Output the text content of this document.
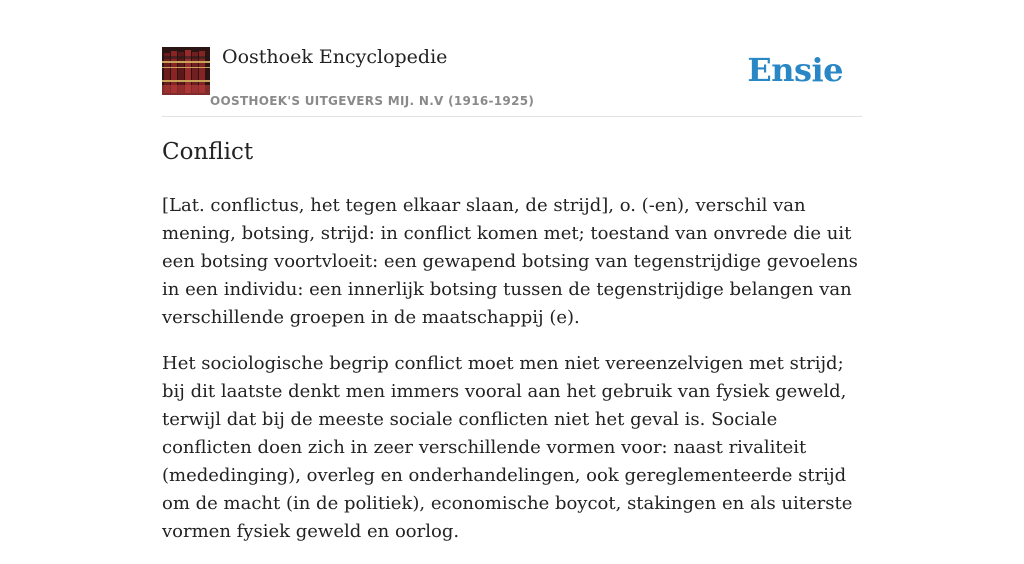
Oosthoek Encyclopedie
OOSTHOEK'S UITGEVERS MIJ. N.V (1916-1925)
Ensie
Conflict

[Lat. conflictus, het tegen elkaar slaan, de strijd], o. (-en), verschil van mening, botsing, strijd: in conflict komen met; toestand van onvrede die uit een botsing voortvloeit: een gewapend botsing van tegenstrijdige gevoelens in een individu: een innerlijk botsing tussen de tegenstrijdige belangen van verschillende groepen in de maatschappij (e).

Het sociologische begrip conflict moet men niet vereenzelvigen met strijd; bij dit laatste denkt men immers vooral aan het gebruik van fysiek geweld, terwijl dat bij de meeste sociale conflicten niet het geval is. Sociale conflicten doen zich in zeer verschillende vormen voor: naast rivaliteit (mededinging), overleg en onderhandelingen, ook gereglementeerde strijd om de macht (in de politiek), economische boycot, stakingen en als uiterste vormen fysiek geweld en oorlog.
